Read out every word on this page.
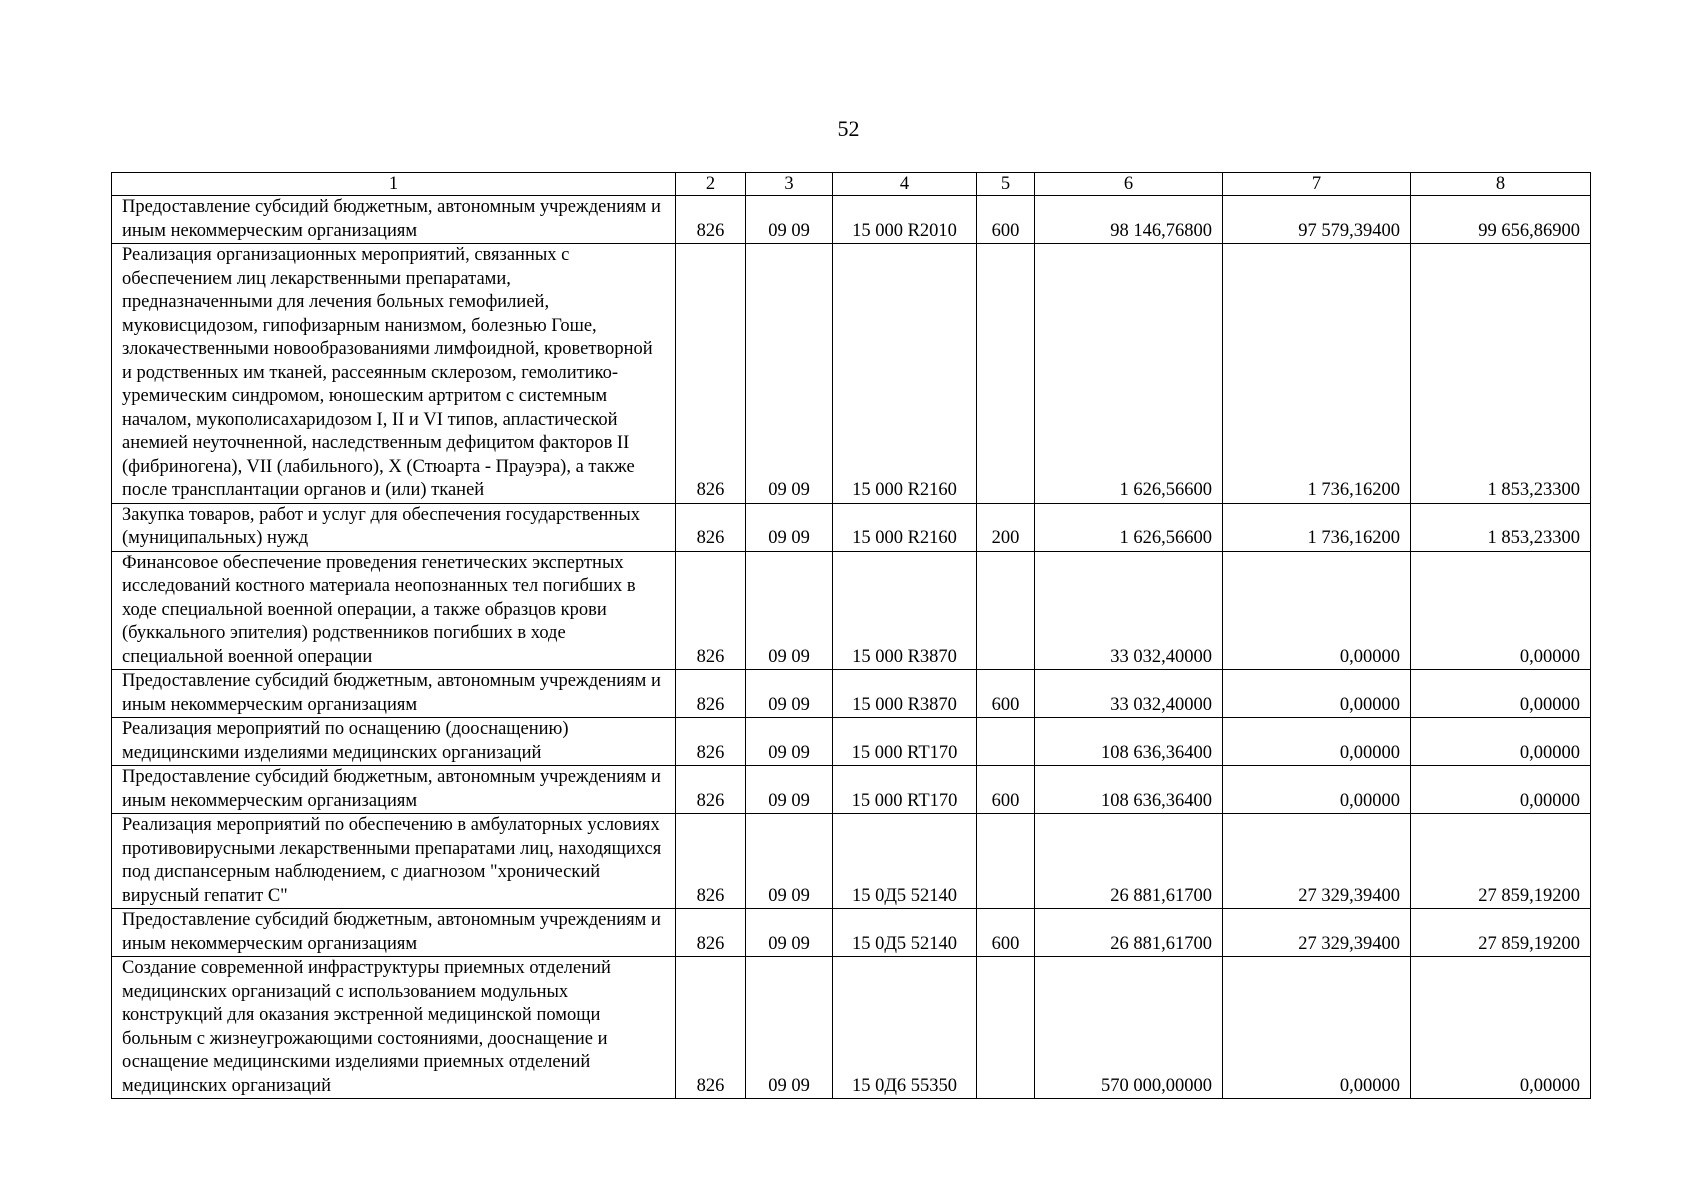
52
1	2	3	4	5	6	7	8
Предоставление субсидий бюджетным, автономным учреждениям и иным некоммерческим организациям	826	09 09	15 000 R2010	600	98 146,76800	97 579,39400	99 656,86900
Реализация организационных мероприятий, связанных с обеспечением лиц лекарственными препаратами, предназначенными для лечения больных гемофилией, муковисцидозом, гипофизарным нанизмом, болезнью Гоше, злокачественными новообразованиями лимфоидной, кроветворной и родственных им тканей, рассеянным склерозом, гемолитико-уремическим синдромом, юношеским артритом с системным началом, мукополисахаридозом I, II и VI типов, апластической анемией неуточненной, наследственным дефицитом факторов II (фибриногена), VII (лабильного), X (Стюарта - Прауэра), а также после трансплантации органов и (или) тканей	826	09 09	15 000 R2160		1 626,56600	1 736,16200	1 853,23300
Закупка товаров, работ и услуг для обеспечения государственных (муниципальных) нужд	826	09 09	15 000 R2160	200	1 626,56600	1 736,16200	1 853,23300
Финансовое обеспечение проведения генетических экспертных исследований костного материала неопознанных тел погибших в ходе специальной военной операции, а также образцов крови (буккального эпителия) родственников погибших в ходе специальной военной операции	826	09 09	15 000 R3870		33 032,40000	0,00000	0,00000
Предоставление субсидий бюджетным, автономным учреждениям и иным некоммерческим организациям	826	09 09	15 000 R3870	600	33 032,40000	0,00000	0,00000
Реализация мероприятий по оснащению (дооснащению) медицинскими изделиями медицинских организаций	826	09 09	15 000 RT170		108 636,36400	0,00000	0,00000
Предоставление субсидий бюджетным, автономным учреждениям и иным некоммерческим организациям	826	09 09	15 000 RT170	600	108 636,36400	0,00000	0,00000
Реализация мероприятий по обеспечению в амбулаторных условиях противовирусными лекарственными препаратами лиц, находящихся под диспансерным наблюдением, с диагнозом "хронический вирусный гепатит С"	826	09 09	15 0Д5 52140		26 881,61700	27 329,39400	27 859,19200
Предоставление субсидий бюджетным, автономным учреждениям и иным некоммерческим организациям	826	09 09	15 0Д5 52140	600	26 881,61700	27 329,39400	27 859,19200
Создание современной инфраструктуры приемных отделений медицинских организаций с использованием модульных конструкций для оказания экстренной медицинской помощи больным с жизнеугрожающими состояниями, дооснащение и оснащение медицинскими изделиями приемных отделений медицинских организаций	826	09 09	15 0Д6 55350		570 000,00000	0,00000	0,00000
